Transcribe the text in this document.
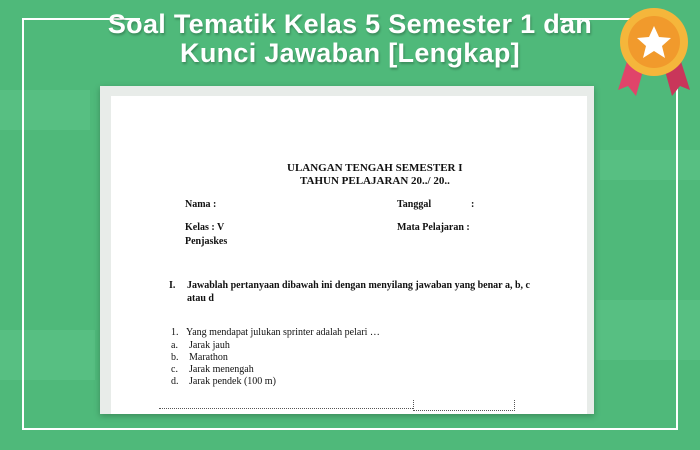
Soal Tematik Kelas 5 Semester 1 dan
Kunci Jawaban [Lengkap]
ULANGAN TENGAH SEMESTER I
TAHUN PELAJARAN 20../ 20..
Nama :	Tanggal	:
Kelas : V	Mata Pelajaran :
Penjaskes
I. Jawablah pertanyaan dibawah ini dengan menyilang jawaban yang benar a, b, c
atau d
1. Yang mendapat julukan sprinter adalah pelari …
a. Jarak jauh
b. Marathon
c. Jarak menengah
d. Jarak pendek (100 m)
